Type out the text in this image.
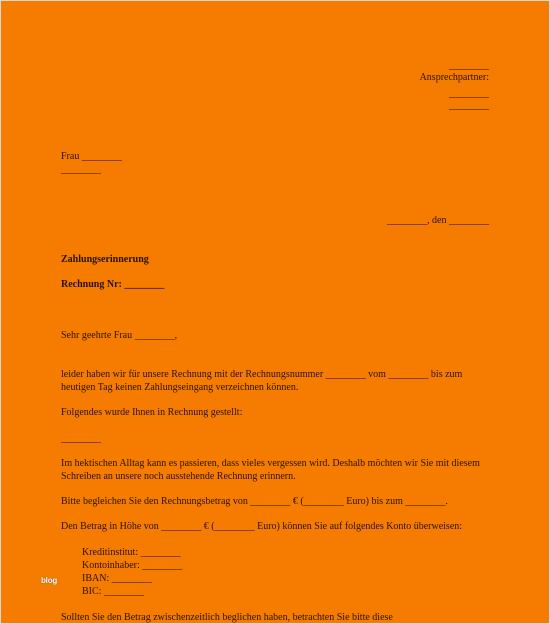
________
Ansprechpartner:
________
________
Frau ________
________
________, den ________
Zahlungserinnerung
Rechnung Nr: ________
Sehr geehrte Frau ________,
leider haben wir für unsere Rechnung mit der Rechnungsnummer ________ vom ________ bis zum heutigen Tag keinen Zahlungseingang verzeichnen können.
Folgendes wurde Ihnen in Rechnung gestellt:
________
Im hektischen Alltag kann es passieren, dass vieles vergessen wird. Deshalb möchten wir Sie mit diesem Schreiben an unsere noch ausstehende Rechnung erinnern.
Bitte begleichen Sie den Rechnungsbetrag von ________ € (________ Euro) bis zum ________.
Den Betrag in Höhe von ________ € (________ Euro) können Sie auf folgendes Konto überweisen:
Kreditinstitut: ________
Kontoinhaber: ________
IBAN: ________
BIC: ________
Sollten Sie den Betrag zwischenzeitlich beglichen haben, betrachten Sie bitte diese
blog
